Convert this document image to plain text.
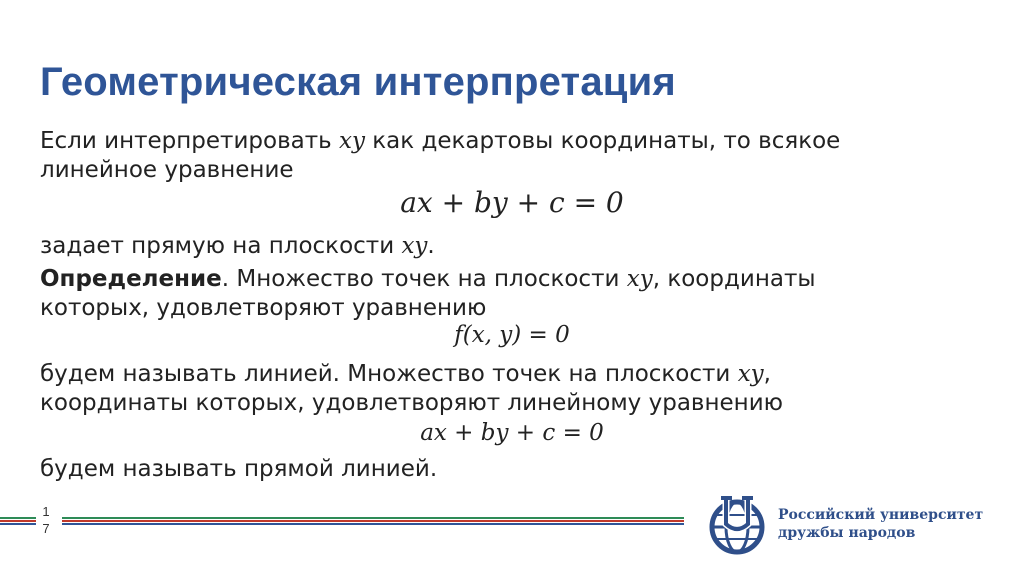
Геометрическая интерпретация
Если интерпретировать xy как декартовы координаты, то всякое линейное уравнение
ax + by + c = 0
задает прямую на плоскости xy.
Определение. Множество точек на плоскости xy, координаты которых, удовлетворяют уравнению
f(x, y) = 0
будем называть линией. Множество точек на плоскости xy, координаты которых, удовлетворяют линейному уравнению
ax + by + c = 0
будем называть прямой линией.
1
7
Российский университет
дружбы народов
